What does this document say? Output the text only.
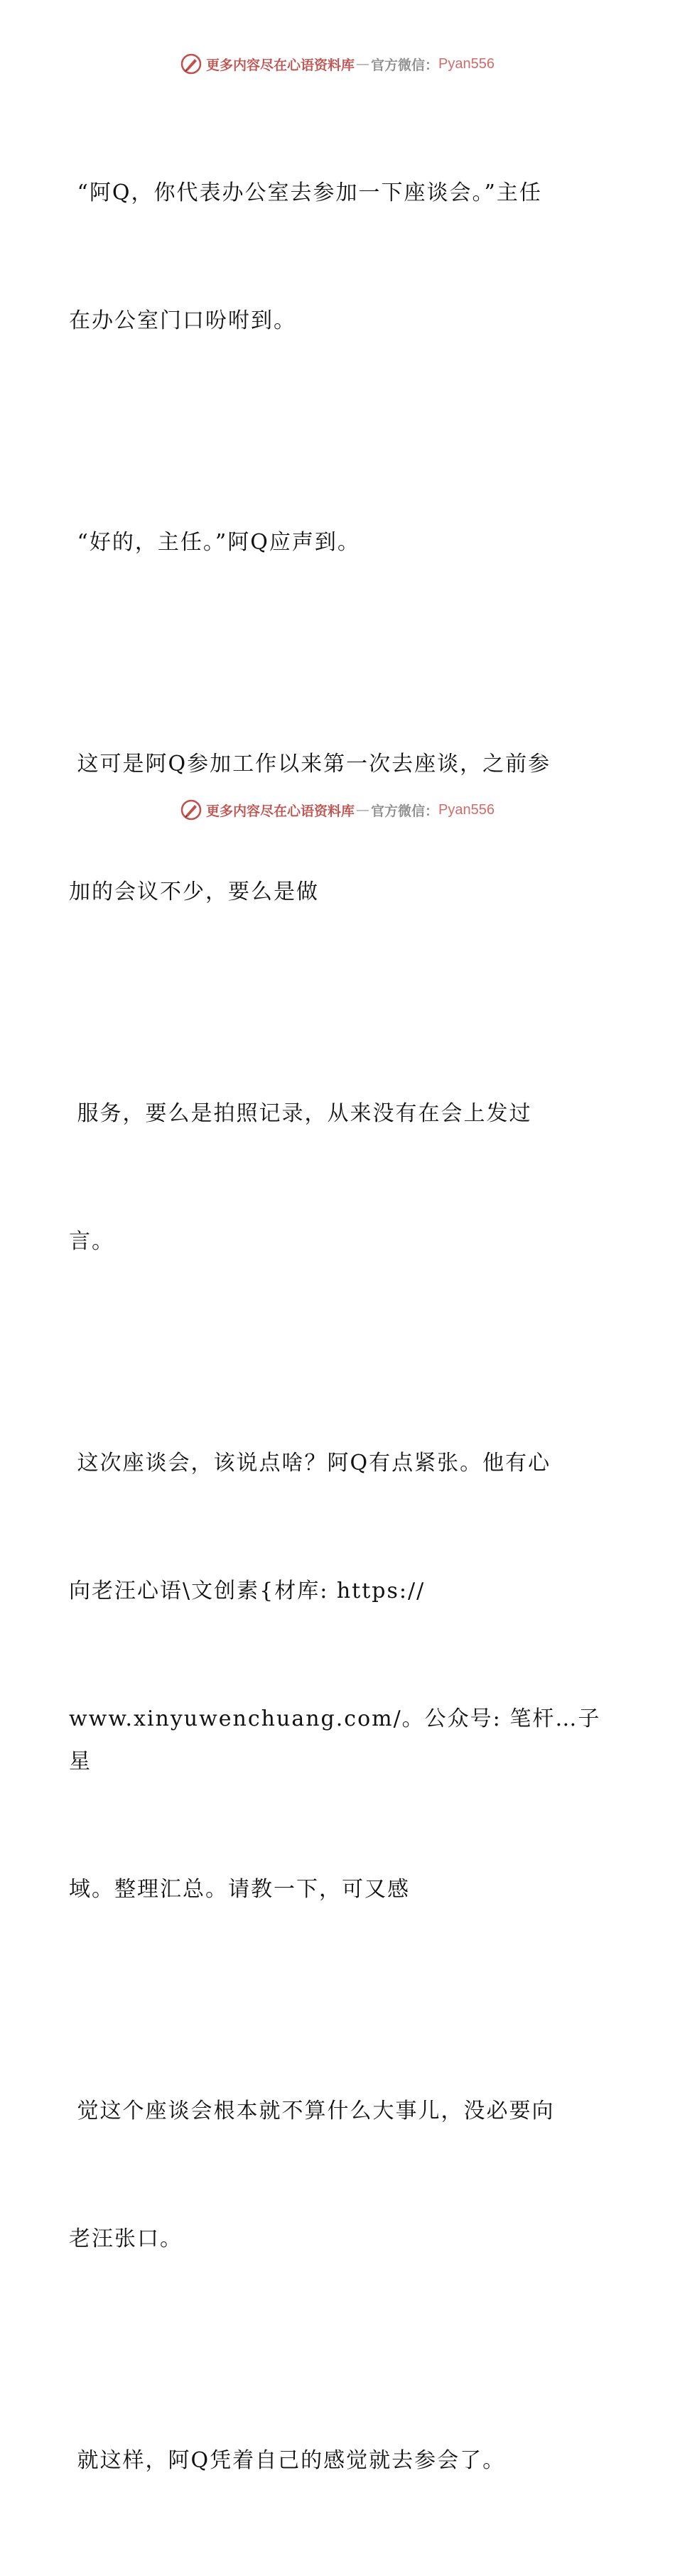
更多内容尽在心语资料库 — 官方微信： Pyan556

“阿Q，你代表办公室去参加一下座谈会。”主任

在办公室门口吩咐到。

“好的，主任。”阿Q应声到。

这可是阿Q参加工作以来第一次去座谈，之前参

加的会议不少，要么是做

服务，要么是拍照记录，从来没有在会上发过

言。

这次座谈会，该说点啥？阿Q有点紧张。他有心

向老汪心语\文创素{材库: https://

www.xinyuwenchuang.com/。公众号: 笔杆…子星

域。整理汇总。请教一下，可又感

觉这个座谈会根本就不算什么大事儿，没必要向

老汪张口。

就这样，阿Q凭着自己的感觉就去参会了。

更多内容尽在心语资料库 — 官方微信： Pyan556
